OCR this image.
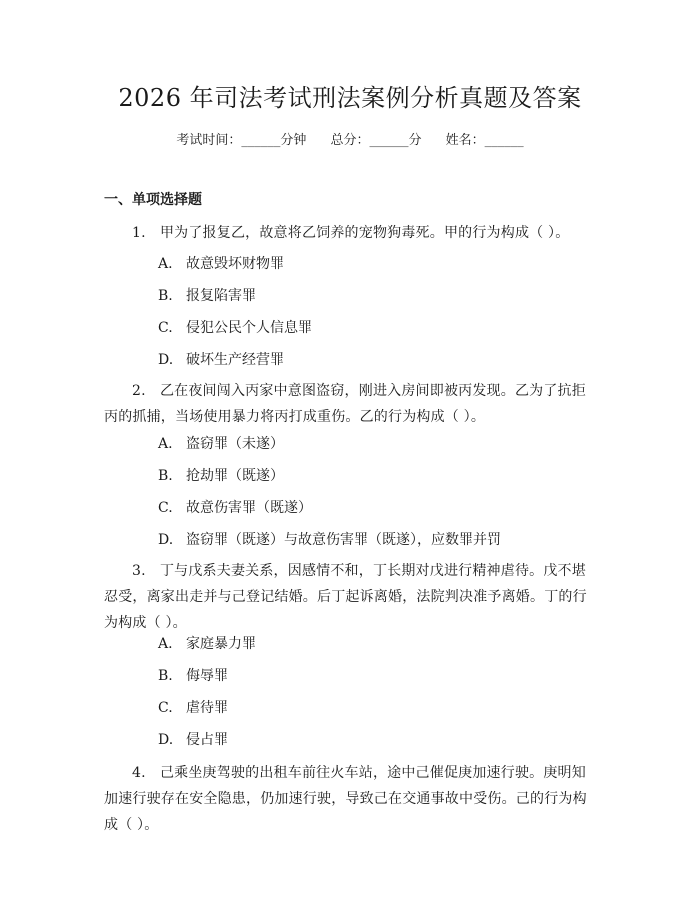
2026 年司法考试刑法案例分析真题及答案
考试时间：______分钟 总分：______分 姓名：______
一、单项选择题
1.　甲为了报复乙，故意将乙饲养的宠物狗毒死。甲的行为构成（ ）。
A. 故意毁坏财物罪
B. 报复陷害罪
C. 侵犯公民个人信息罪
D. 破坏生产经营罪
2.　乙在夜间闯入丙家中意图盗窃，刚进入房间即被丙发现。乙为了抗拒丙的抓捕，当场使用暴力将丙打成重伤。乙的行为构成（ ）。
A. 盗窃罪（未遂）
B. 抢劫罪（既遂）
C. 故意伤害罪（既遂）
D. 盗窃罪（既遂）与故意伤害罪（既遂），应数罪并罚
3.　丁与戊系夫妻关系，因感情不和，丁长期对戊进行精神虐待。戊不堪忍受，离家出走并与己登记结婚。后丁起诉离婚，法院判决准予离婚。丁的行为构成（ ）。
A. 家庭暴力罪
B. 侮辱罪
C. 虐待罪
D. 侵占罪
4.　己乘坐庚驾驶的出租车前往火车站，途中己催促庚加速行驶。庚明知加速行驶存在安全隐患，仍加速行驶，导致己在交通事故中受伤。己的行为构成（ ）。
